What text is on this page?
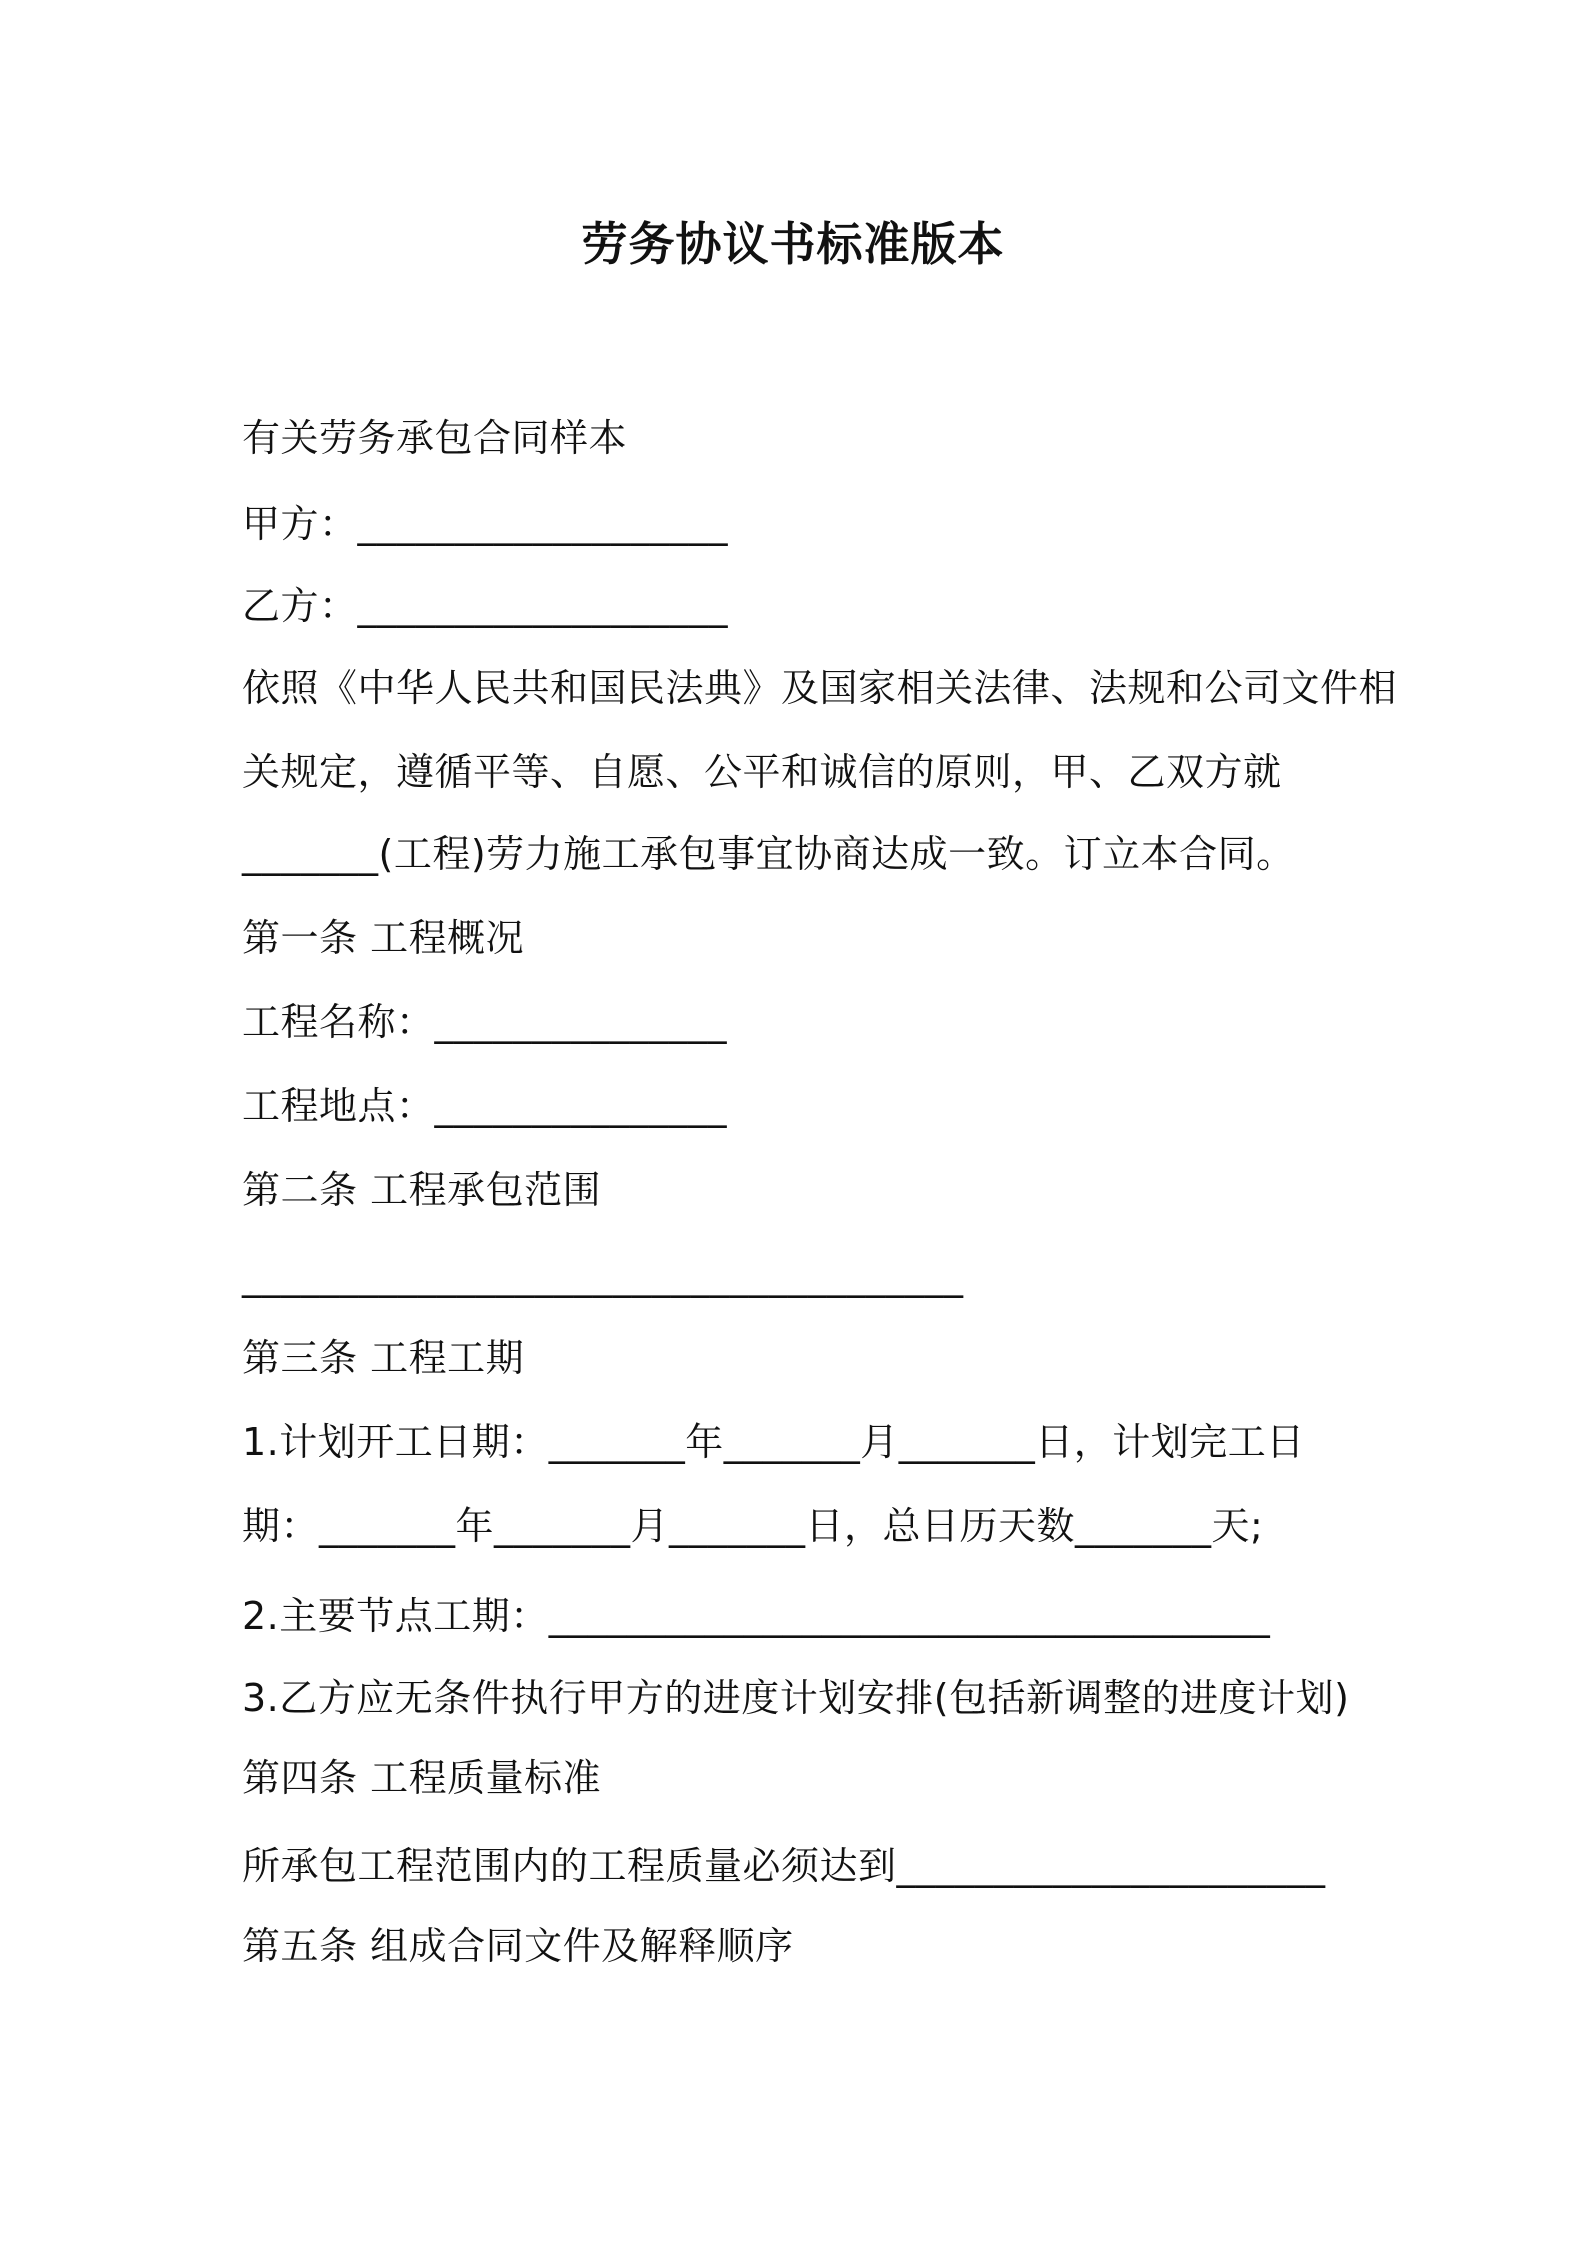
劳务协议书标准版本
有关劳务承包合同样本
甲方：___________________
乙方：___________________
依照《中华人民共和国民法典》及国家相关法律、法规和公司文件相
关规定，遵循平等、自愿、公平和诚信的原则，甲、乙双方就
_______(工程)劳力施工承包事宜协商达成一致。订立本合同。
第一条 工程概况
工程名称：_______________
工程地点：_______________
第二条 工程承包范围
_____________________________________
第三条 工程工期
1.计划开工日期：_______年_______月_______日，计划完工日
期：_______年_______月_______日，总日历天数_______天;
2.主要节点工期：_____________________________________
3.乙方应无条件执行甲方的进度计划安排(包括新调整的进度计划)
第四条 工程质量标准
所承包工程范围内的工程质量必须达到______________________
第五条 组成合同文件及解释顺序
